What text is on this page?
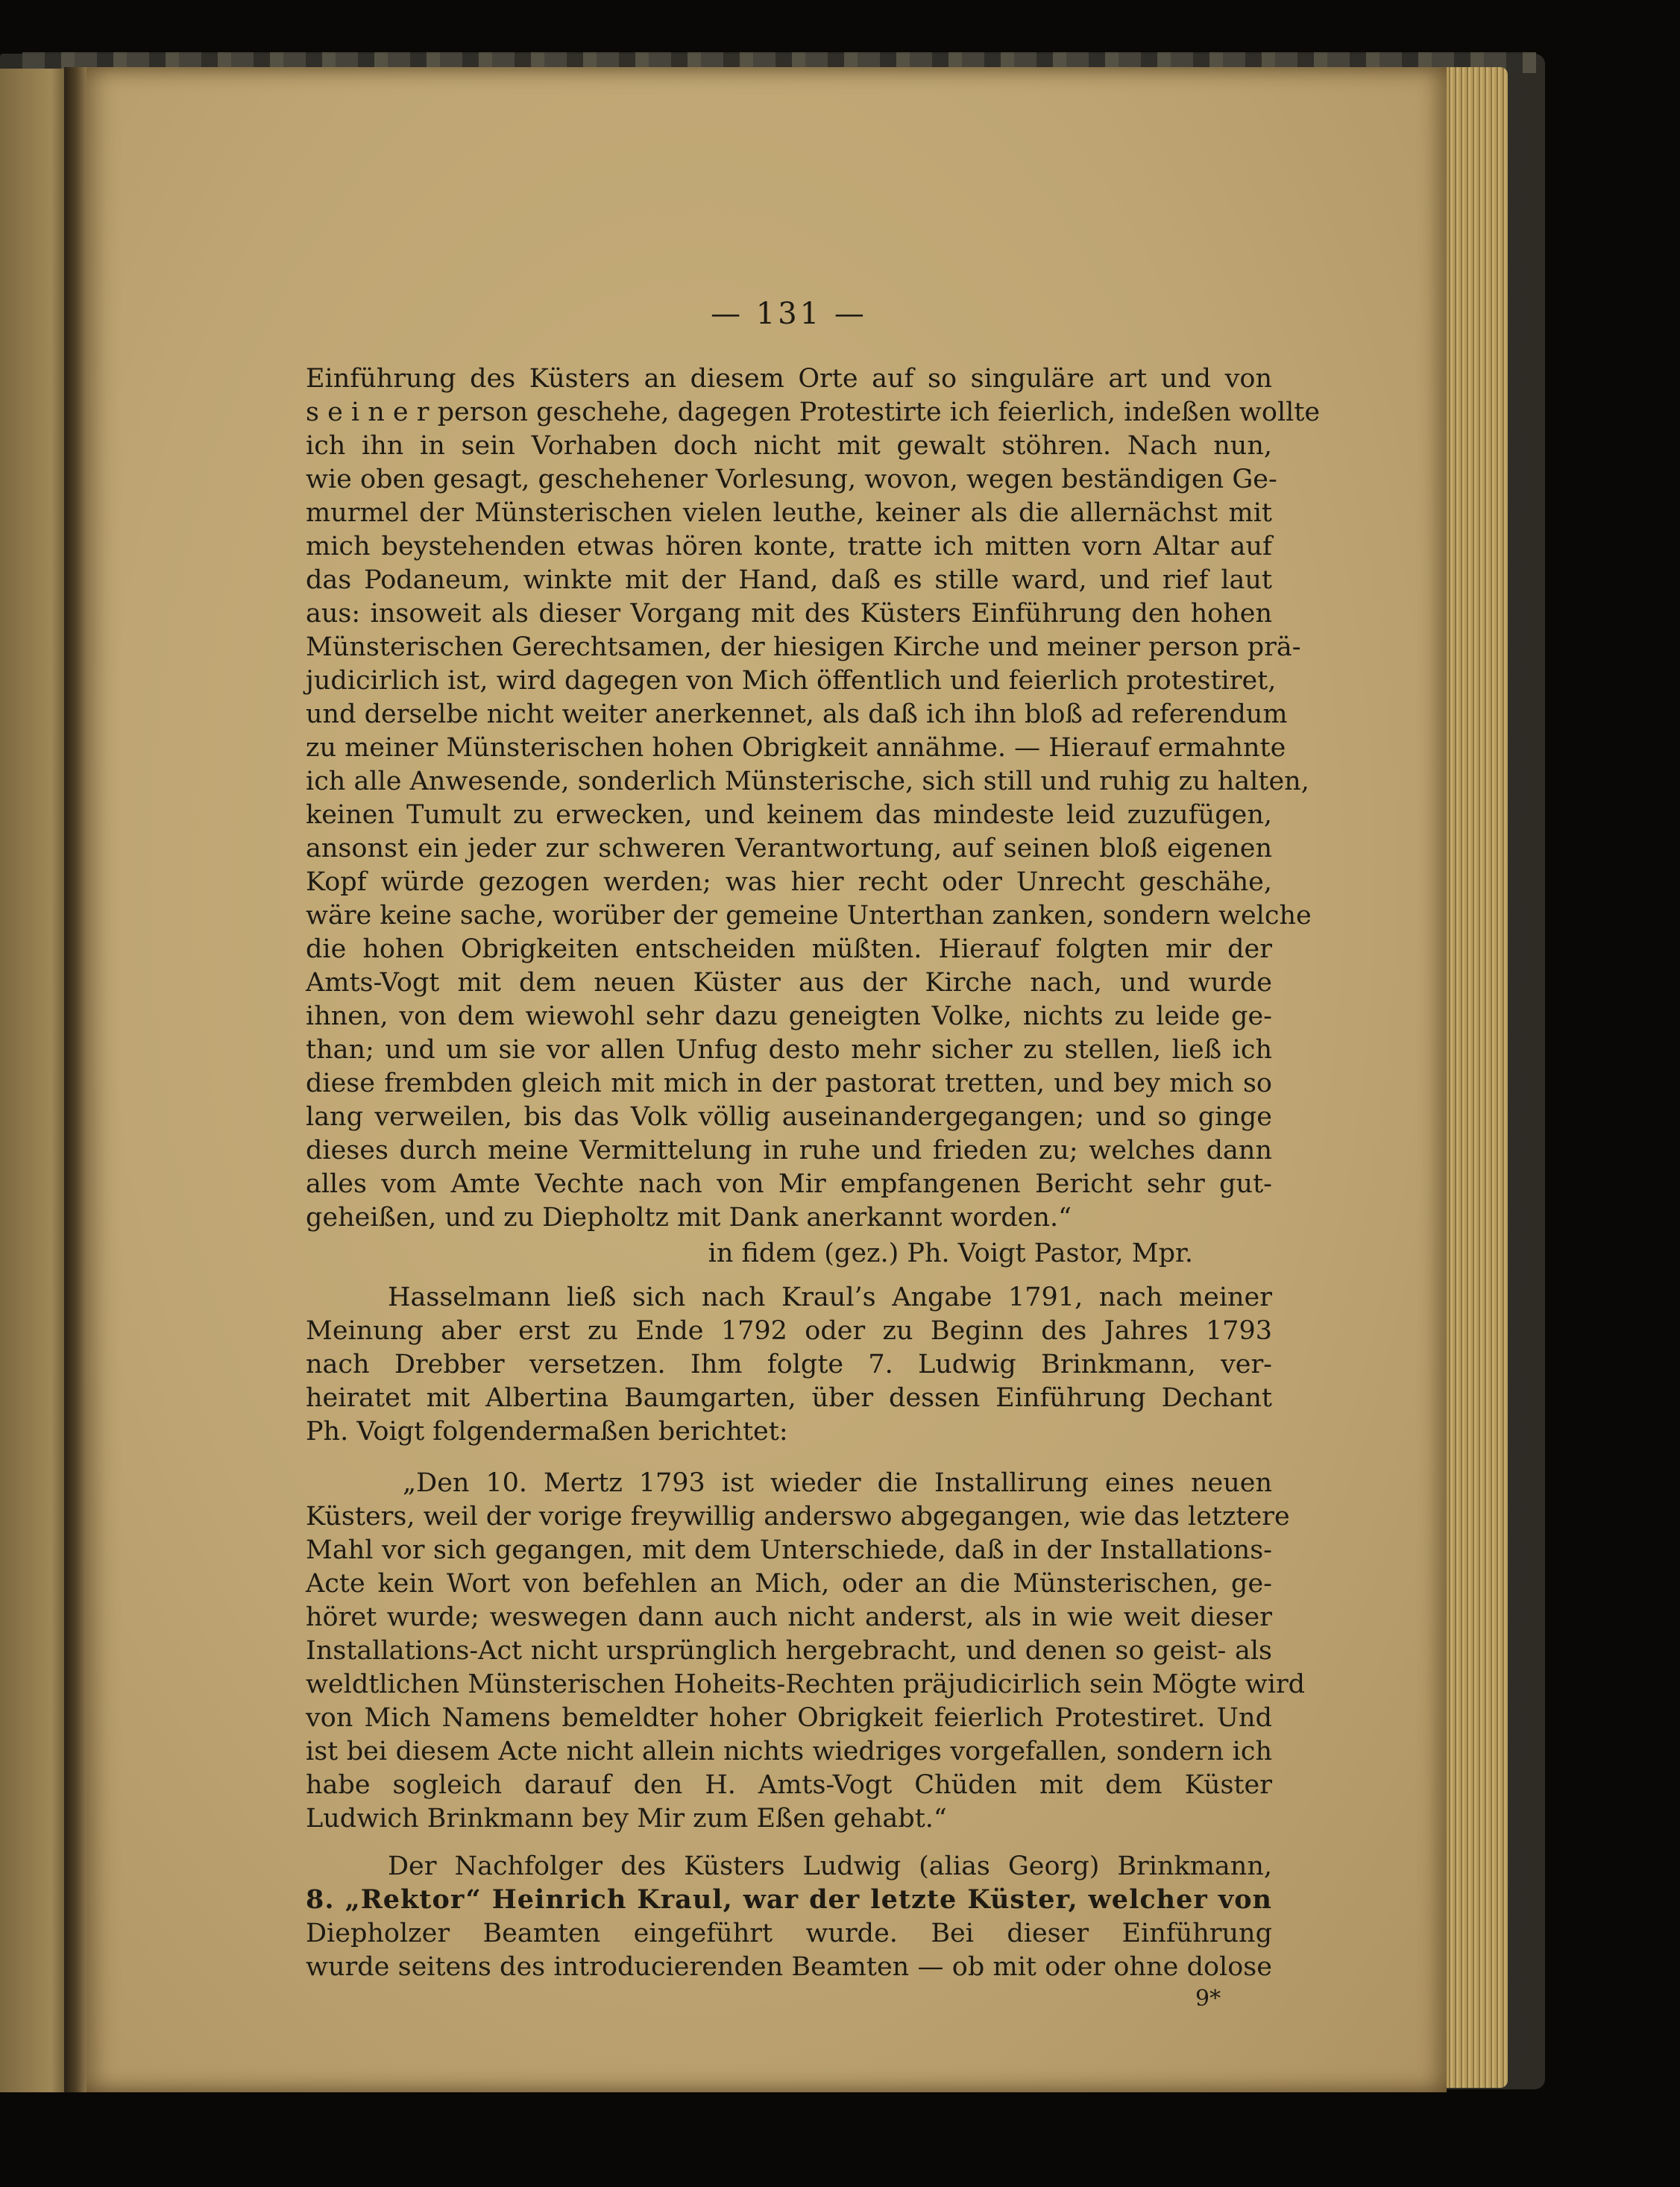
— 131 —
Einführung des Küsters an diesem Orte auf so singuläre art und von
s e i n e r person geschehe, dagegen Protestirte ich feierlich, indeßen wollte
ich ihn in sein Vorhaben doch nicht mit gewalt stöhren. Nach nun,
wie oben gesagt, geschehener Vorlesung, wovon, wegen beständigen Ge-
murmel der Münsterischen vielen leuthe, keiner als die allernächst mit
mich beystehenden etwas hören konte, tratte ich mitten vorn Altar auf
das Podaneum, winkte mit der Hand, daß es stille ward, und rief laut
aus: insoweit als dieser Vorgang mit des Küsters Einführung den hohen
Münsterischen Gerechtsamen, der hiesigen Kirche und meiner person prä-
judicirlich ist, wird dagegen von Mich öffentlich und feierlich protestiret,
und derselbe nicht weiter anerkennet, als daß ich ihn bloß ad referendum
zu meiner Münsterischen hohen Obrigkeit annähme. — Hierauf ermahnte
ich alle Anwesende, sonderlich Münsterische, sich still und ruhig zu halten,
keinen Tumult zu erwecken, und keinem das mindeste leid zuzufügen,
ansonst ein jeder zur schweren Verantwortung, auf seinen bloß eigenen
Kopf würde gezogen werden; was hier recht oder Unrecht geschähe,
wäre keine sache, worüber der gemeine Unterthan zanken, sondern welche
die hohen Obrigkeiten entscheiden müßten. Hierauf folgten mir der
Amts-Vogt mit dem neuen Küster aus der Kirche nach, und wurde
ihnen, von dem wiewohl sehr dazu geneigten Volke, nichts zu leide ge-
than; und um sie vor allen Unfug desto mehr sicher zu stellen, ließ ich
diese frembden gleich mit mich in der pastorat tretten, und bey mich so
lang verweilen, bis das Volk völlig auseinandergegangen; und so ginge
dieses durch meine Vermittelung in ruhe und frieden zu; welches dann
alles vom Amte Vechte nach von Mir empfangenen Bericht sehr gut-
geheißen, und zu Diepholtz mit Dank anerkannt worden.“
in fidem (gez.) Ph. Voigt Pastor, Mpr.
Hasselmann ließ sich nach Kraul’s Angabe 1791, nach meiner
Meinung aber erst zu Ende 1792 oder zu Beginn des Jahres 1793
nach Drebber versetzen. Ihm folgte 7. Ludwig Brinkmann, ver-
heiratet mit Albertina Baumgarten, über dessen Einführung Dechant
Ph. Voigt folgendermaßen berichtet:
„Den 10. Mertz 1793 ist wieder die Installirung eines neuen
Küsters, weil der vorige freywillig anderswo abgegangen, wie das letztere
Mahl vor sich gegangen, mit dem Unterschiede, daß in der Installations-
Acte kein Wort von befehlen an Mich, oder an die Münsterischen, ge-
höret wurde; weswegen dann auch nicht anderst, als in wie weit dieser
Installations-Act nicht ursprünglich hergebracht, und denen so geist- als
weldtlichen Münsterischen Hoheits-Rechten präjudicirlich sein Mögte wird
von Mich Namens bemeldter hoher Obrigkeit feierlich Protestiret. Und
ist bei diesem Acte nicht allein nichts wiedriges vorgefallen, sondern ich
habe sogleich darauf den H. Amts-Vogt Chüden mit dem Küster
Ludwich Brinkmann bey Mir zum Eßen gehabt.“
Der Nachfolger des Küsters Ludwig (alias Georg) Brinkmann,
8. „Rektor“ Heinrich Kraul, war der letzte Küster, welcher von
Diepholzer Beamten eingeführt wurde. Bei dieser Einführung
wurde seitens des introducierenden Beamten — ob mit oder ohne dolose
9*
